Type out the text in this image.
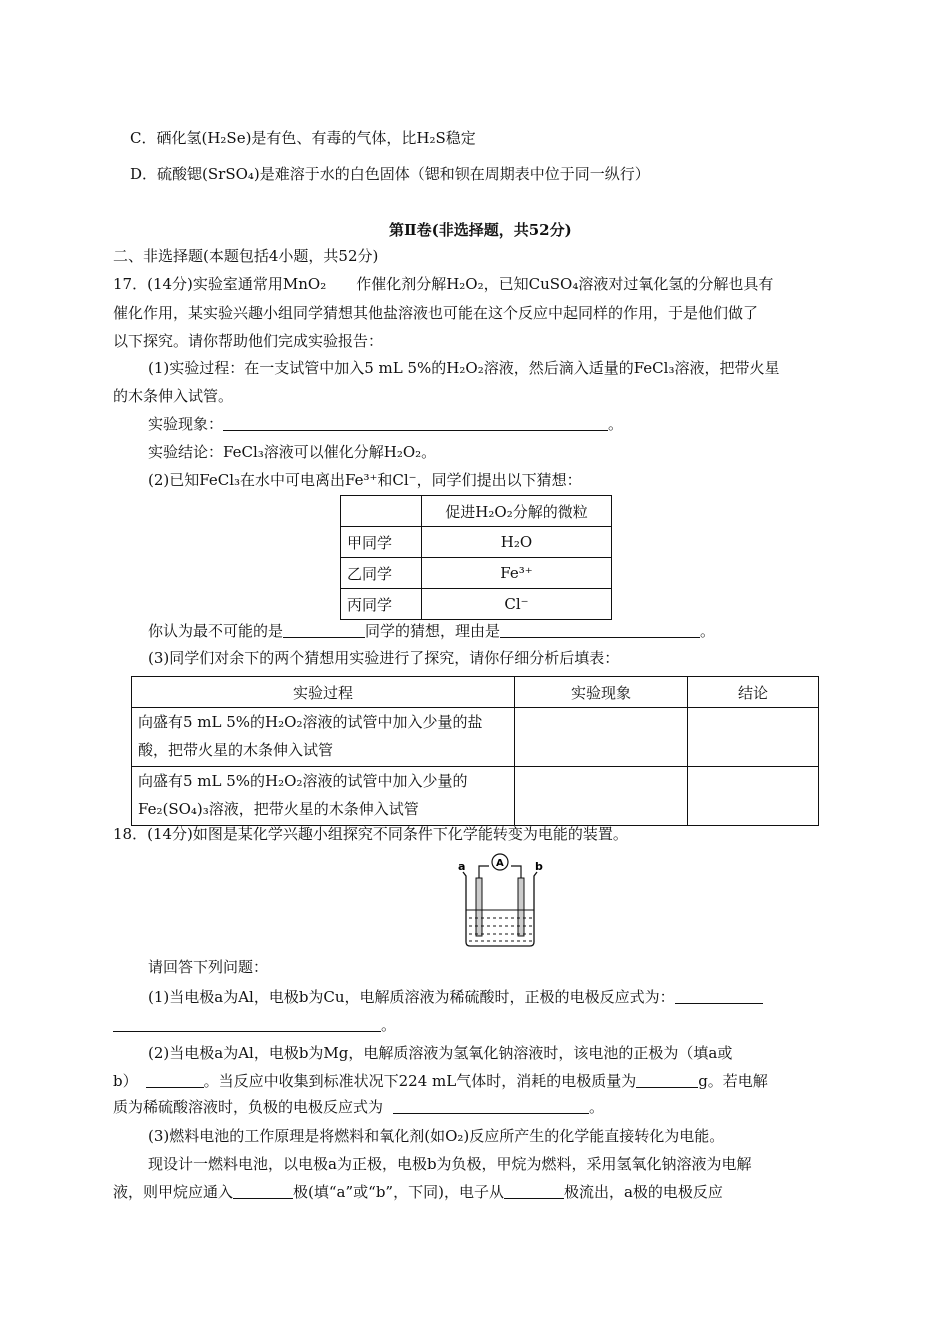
C．硒化氢(H₂Se)是有色、有毒的气体，比H₂S稳定
D．硫酸锶(SrSO₄)是难溶于水的白色固体（锶和钡在周期表中位于同一纵行）
第Ⅱ卷(非选择题，共52分)
二、非选择题(本题包括4小题，共52分)
17．(14分)实验室通常用MnO₂　　作催化剂分解H₂O₂，已知CuSO₄溶液对过氧化氢的分解也具有
催化作用，某实验兴趣小组同学猜想其他盐溶液也可能在这个反应中起同样的作用，于是他们做了
以下探究。请你帮助他们完成实验报告：
(1)实验过程：在一支试管中加入5 mL 5%的H₂O₂溶液，然后滴入适量的FeCl₃溶液，把带火星
的木条伸入试管。
实验现象：	。
实验结论：FeCl₃溶液可以催化分解H₂O₂。
(2)已知FeCl₃在水中可电离出Fe³⁺和Cl⁻，同学们提出以下猜想：
	促进H₂O₂分解的微粒
甲同学	H₂O
乙同学	Fe³⁺
丙同学	Cl⁻
你认为最不可能的是	同学的猜想，理由是	。
(3)同学们对余下的两个猜想用实验进行了探究，请你仔细分析后填表：
实验过程	实验现象	结论

向盛有5 mL 5%的H₂O₂溶液的试管中加入少量的盐
酸，把带火星的木条伸入试管		

向盛有5 mL 5%的H₂O₂溶液的试管中加入少量的
Fe₂(SO₄)₃溶液，把带火星的木条伸入试管		

18．(14分)如图是某化学兴趣小组探究不同条件下化学能转变为电能的装置。
a	b
A
请回答下列问题：
(1)当电极a为Al，电极b为Cu，电解质溶液为稀硫酸时，正极的电极反应式为：
。
(2)当电极a为Al，电极b为Mg，电解质溶液为氢氧化钠溶液时，该电池的正极为（填a或
b）	。当反应中收集到标准状况下224 mL气体时，消耗的电极质量为	g。若电解
质为稀硫酸溶液时，负极的电极反应式为	。
(3)燃料电池的工作原理是将燃料和氧化剂(如O₂)反应所产生的化学能直接转化为电能。
现设计一燃料电池，以电极a为正极，电极b为负极，甲烷为燃料，采用氢氧化钠溶液为电解
液，则甲烷应通入	极(填“a”或“b”，下同)，电子从	极流出，a极的电极反应
